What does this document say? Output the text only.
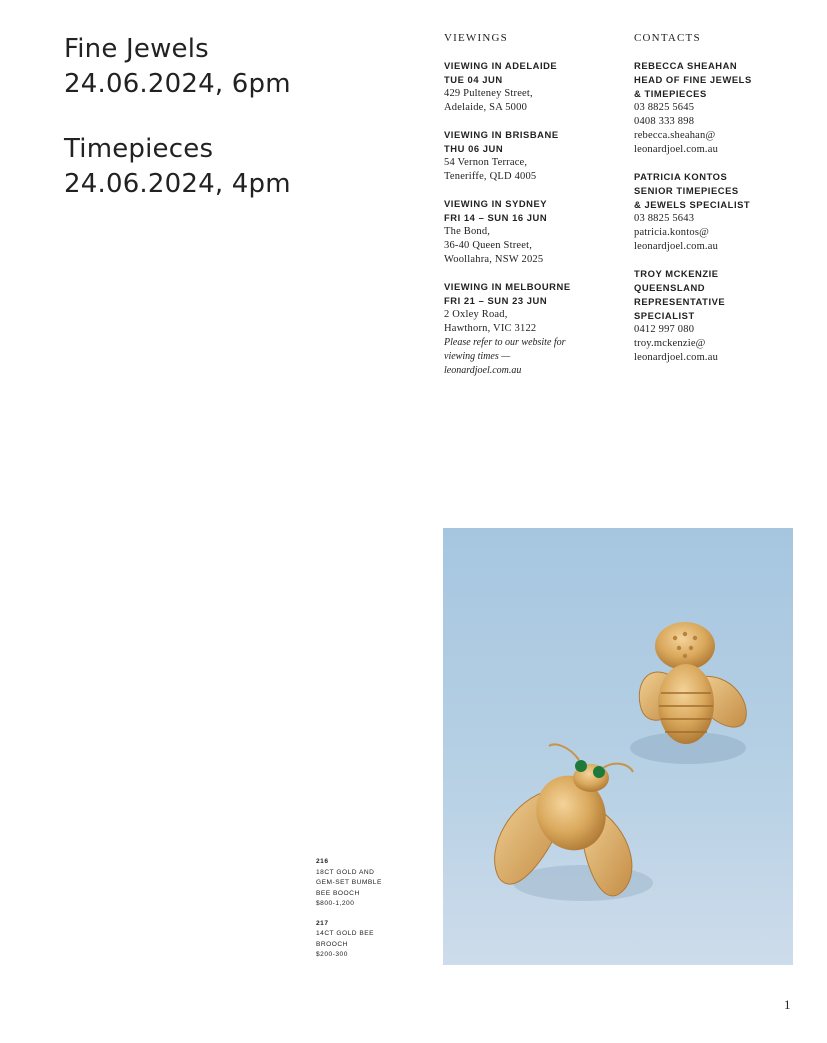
Fine Jewels
24.06.2024, 6pm
Timepieces
24.06.2024, 4pm
VIEWINGS
VIEWING IN ADELAIDE
TUE 04 JUN
429 Pulteney Street,
Adelaide, SA 5000
VIEWING IN BRISBANE
THU 06 JUN
54 Vernon Terrace,
Teneriffe, QLD 4005
VIEWING IN SYDNEY
FRI 14 – SUN 16 JUN
The Bond,
36-40 Queen Street,
Woollahra, NSW 2025
VIEWING IN MELBOURNE
FRI 21 – SUN 23 JUN
2 Oxley Road,
Hawthorn, VIC 3122
Please refer to our website for
viewing times —
leonardjoel.com.au
CONTACTS
REBECCA SHEAHAN
HEAD OF FINE JEWELS
& TIMEPIECES
03 8825 5645
0408 333 898
rebecca.sheahan@
leonardjoel.com.au
PATRICIA KONTOS
SENIOR TIMEPIECES
& JEWELS SPECIALIST
03 8825 5643
patricia.kontos@
leonardjoel.com.au
TROY MCKENZIE
QUEENSLAND
REPRESENTATIVE
SPECIALIST
0412 997 080
troy.mckenzie@
leonardjoel.com.au
216
18CT GOLD AND
GEM-SET BUMBLE
BEE BOOCH
$800-1,200
217
14CT GOLD BEE
BROOCH
$200-300
1
